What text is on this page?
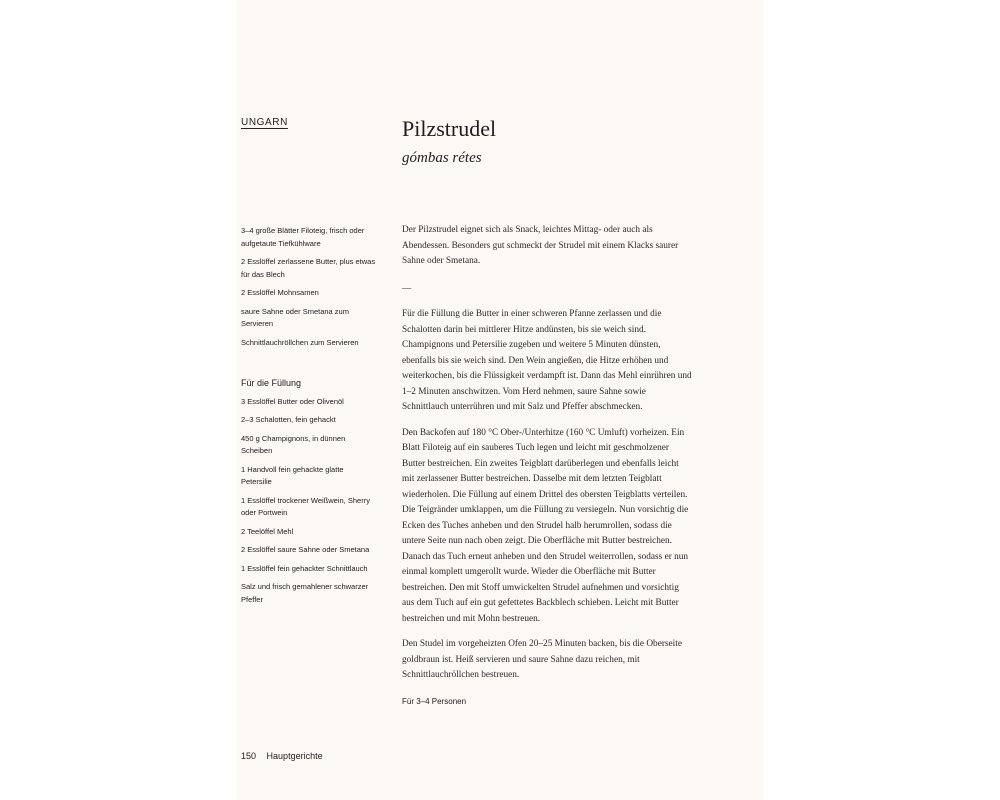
UNGARN	Pilzstrudel
gómbas rétes
3–4 große Blätter Filoteig, frisch oder aufgetaute Tiefkühlware
2 Esslöffel zerlassene Butter, plus etwas für das Blech
2 Esslöffel Mohnsamen
saure Sahne oder Smetana zum Servieren
Schnittlauchröllchen zum Servieren
Für die Füllung
3 Esslöffel Butter oder Olivenöl
2–3 Schalotten, fein gehackt
450 g Champignons, in dünnen Scheiben
1 Handvoll fein gehackte glatte Petersilie
1 Esslöffel trockener Weißwein, Sherry oder Portwein
2 Teelöffel Mehl
2 Esslöffel saure Sahne oder Smetana
1 Esslöffel fein gehackter Schnittlauch
Salz und frisch gemahlener schwarzer Pfeffer

Der Pilzstrudel eignet sich als Snack, leichtes Mittag- oder auch als Abendessen. Besonders gut schmeckt der Strudel mit einem Klacks saurer Sahne oder Smetana.

—

Für die Füllung die Butter in einer schweren Pfanne zerlassen und die Schalotten darin bei mittlerer Hitze andünsten, bis sie weich sind. Champignons und Petersilie zugeben und weitere 5 Minuten dünsten, ebenfalls bis sie weich sind. Den Wein angießen, die Hitze erhöhen und weiterkochen, bis die Flüssigkeit verdampft ist. Dann das Mehl einrühren und 1–2 Minuten anschwitzen. Vom Herd nehmen, saure Sahne sowie Schnittlauch unterrühren und mit Salz und Pfeffer abschmecken.

Den Backofen auf 180 °C Ober-/Unterhitze (160 °C Umluft) vorheizen. Ein Blatt Filoteig auf ein sauberes Tuch legen und leicht mit geschmolzener Butter bestreichen. Ein zweites Teigblatt darüberlegen und ebenfalls leicht mit zerlassener Butter bestreichen. Dasselbe mit dem letzten Teigblatt wiederholen. Die Füllung auf einem Drittel des obersten Teigblatts verteilen. Die Teigränder umklappen, um die Füllung zu versiegeln. Nun vorsichtig die Ecken des Tuches anheben und den Strudel halb herumrollen, sodass die untere Seite nun nach oben zeigt. Die Oberfläche mit Butter bestreichen. Danach das Tuch erneut anheben und den Strudel weiterrollen, sodass er nun einmal komplett umgerollt wurde. Wieder die Oberfläche mit Butter bestreichen. Den mit Stoff umwickelten Strudel aufnehmen und vorsichtig aus dem Tuch auf ein gut gefettetes Backblech schieben. Leicht mit Butter bestreichen und mit Mohn bestreuen.

Den Studel im vorgeheizten Ofen 20–25 Minuten backen, bis die Oberseite goldbraun ist. Heiß servieren und saure Sahne dazu reichen, mit Schnittlauchröllchen bestreuen.

Für 3–4 Personen
150 Hauptgerichte
